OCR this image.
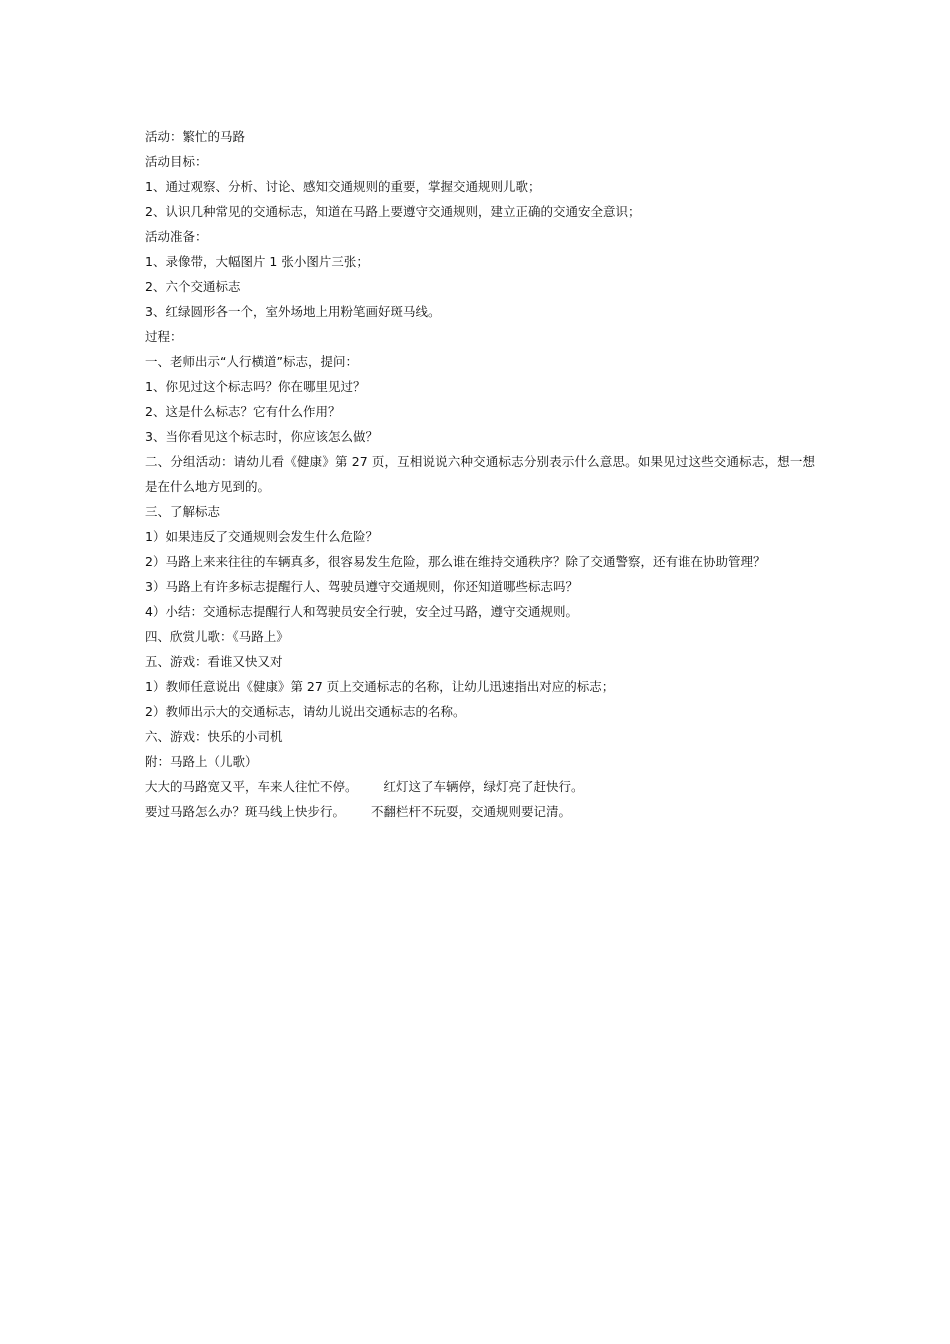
活动：繁忙的马路

活动目标：

1、通过观察、分析、讨论、感知交通规则的重要，掌握交通规则儿歌；

2、认识几种常见的交通标志，知道在马路上要遵守交通规则，建立正确的交通安全意识；

活动准备：

1、录像带，大幅图片 1 张小图片三张；

2、六个交通标志

3、红绿圆形各一个，室外场地上用粉笔画好斑马线。

过程：

一、老师出示“人行横道”标志，提问：

1、你见过这个标志吗？你在哪里见过？

2、这是什么标志？它有什么作用？

3、当你看见这个标志时，你应该怎么做？

二、分组活动：请幼儿看《健康》第 27 页，互相说说六种交通标志分别表示什么意思。如果见过这些交通标志，想一想是在什么地方见到的。

三、了解标志

1）如果违反了交通规则会发生什么危险？

2）马路上来来往往的车辆真多，很容易发生危险，那么谁在维持交通秩序？除了交通警察，还有谁在协助管理？

3）马路上有许多标志提醒行人、驾驶员遵守交通规则，你还知道哪些标志吗？

4）小结：交通标志提醒行人和驾驶员安全行驶，安全过马路，遵守交通规则。

四、欣赏儿歌：《马路上》

五、游戏：看谁又快又对

1）教师任意说出《健康》第 27 页上交通标志的名称，让幼儿迅速指出对应的标志；

2）教师出示大的交通标志，请幼儿说出交通标志的名称。

六、游戏：快乐的小司机

附：马路上（儿歌）

大大的马路宽又平，车来人往忙不停。 红灯这了车辆停，绿灯亮了赶快行。

要过马路怎么办？斑马线上快步行。 不翻栏杆不玩耍，交通规则要记清。
